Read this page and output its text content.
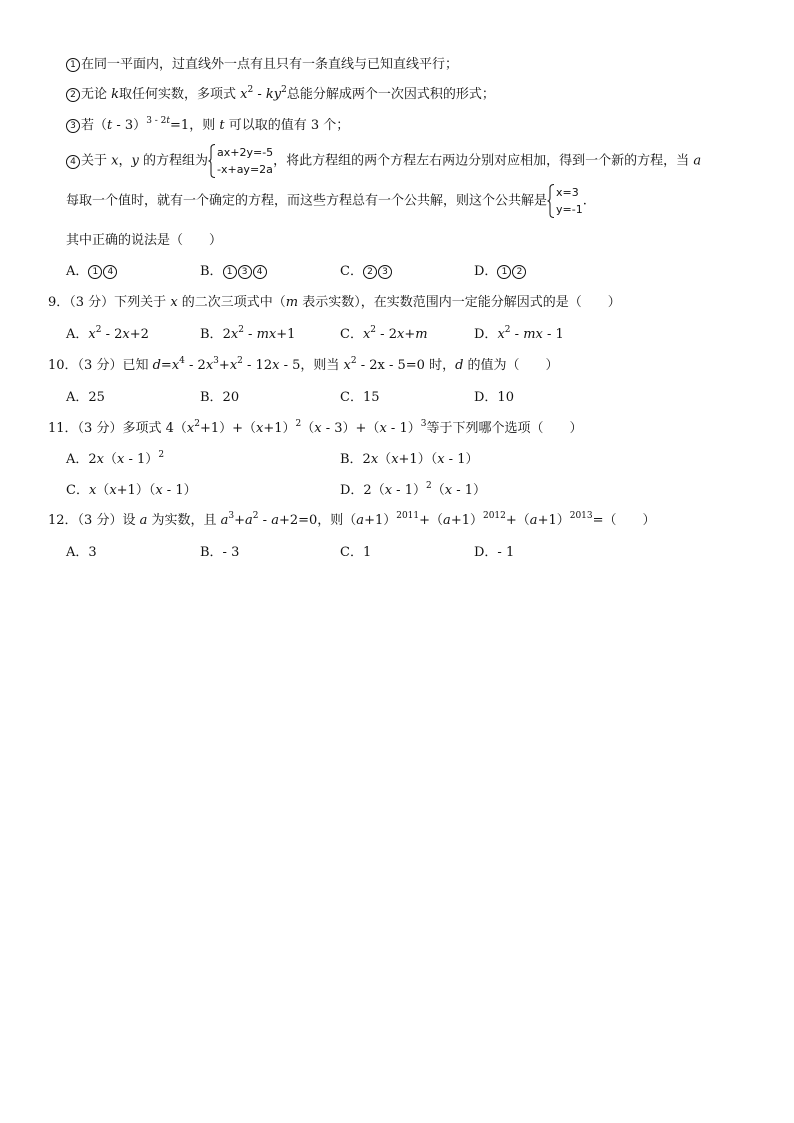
1 在同一平面内，过直线外一点有且只有一条直线与已知直线平行；
2 无论 k取任何实数，多项式 $x^2 - ky^2$总能分解成两个一次因式积的形式；
3 若（t - 3）$^{3 - 2t}$=1，则 t 可以取的值有 3 个；
4 关于 x，y 的方程组为
ax+2y=-5
-x+ay=2a
，将此方程组的两个方程左右两边分别对应相加，得到一个新的方程，当 a
每取一个值时，就有一个确定的方程，而这些方程总有一个公共解，则这个公共解是
x=3
y=-1
.
其中正确的说法是（　　）
A． 1 4	B． 1 3 4	C． 2 3	D． 1 2
9．（3 分）下列关于 x 的二次三项式中（m 表示实数），在实数范围内一定能分解因式的是（　　）
A．$x^2 - 2x+2$	B．$2x^2 - mx+1$	C．$x^2 - 2x+m$	D．$x^2$ - mx - 1
10．（3 分）已知 $d=x^4 - 2x^3+x^2 - 12x - 5$，则当 $x^2 - 2x - 5=0$ 时，d 的值为（　　）
A．25	B．20	C．15	D．10
11．（3 分）多项式 $4(x^2+1)+(x+1)^2(x - 3)+(x - 1)^3$等于下列哪个选项（　　）
A．2x（x - 1）$^2$	B．2x（x+1）（x - 1）
C．x（x+1）（x - 1）	D．2（x - 1）$^2$（x - 1）
12．（3 分）设 a 为实数，且 $a^3+a^2 - a+2=0$，则$(a+1)^{2011}+(a+1)^{2012}+(a+1)^{2013}=$（　　）
A．3	B．- 3	C．1	D．- 1
